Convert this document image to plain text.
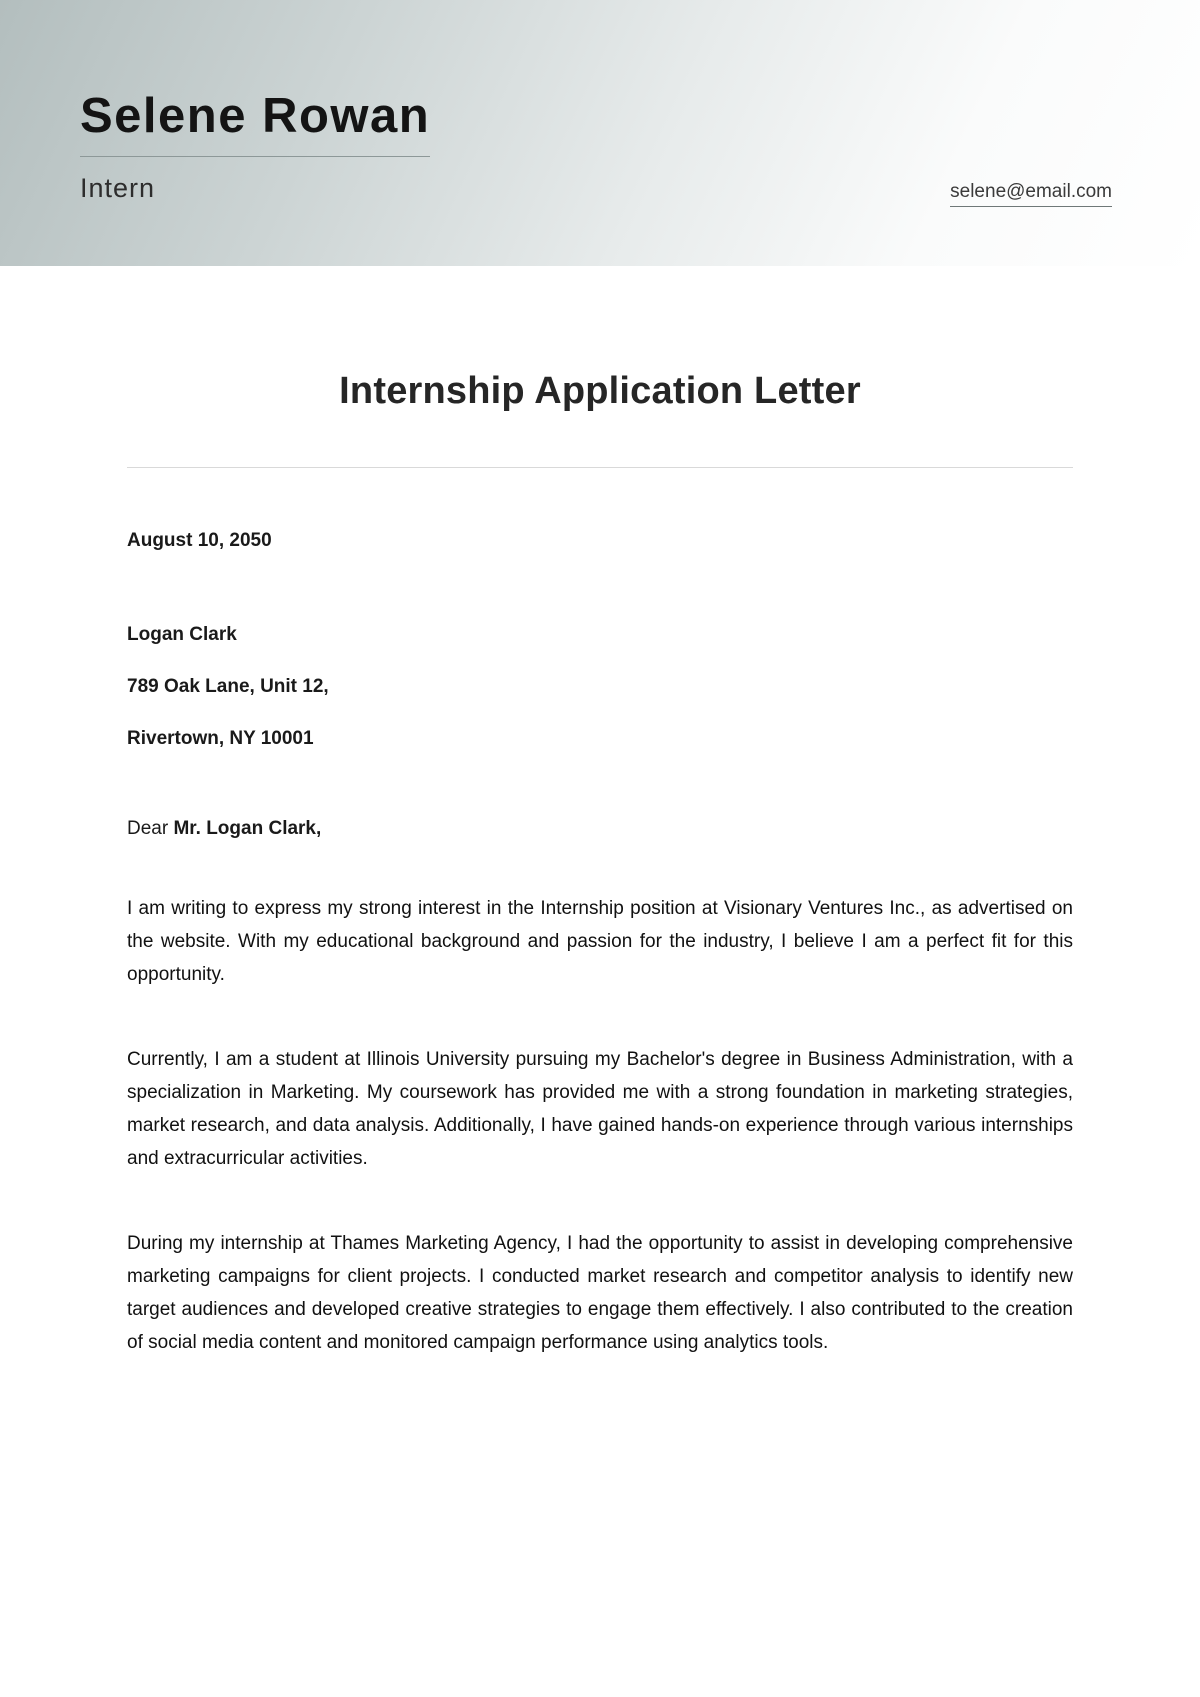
Selene Rowan
Intern	selene@email.com
Internship Application Letter
August 10, 2050
Logan Clark
789 Oak Lane, Unit 12,
Rivertown, NY 10001
Dear Mr. Logan Clark,

I am writing to express my strong interest in the Internship position at Visionary Ventures Inc., as advertised on the website. With my educational background and passion for the industry, I believe I am a perfect fit for this opportunity.

Currently, I am a student at Illinois University pursuing my Bachelor's degree in Business Administration, with a specialization in Marketing. My coursework has provided me with a strong foundation in marketing strategies, market research, and data analysis. Additionally, I have gained hands-on experience through various internships and extracurricular activities.

During my internship at Thames Marketing Agency, I had the opportunity to assist in developing comprehensive marketing campaigns for client projects. I conducted market research and competitor analysis to identify new target audiences and developed creative strategies to engage them effectively. I also contributed to the creation of social media content and monitored campaign performance using analytics tools.
